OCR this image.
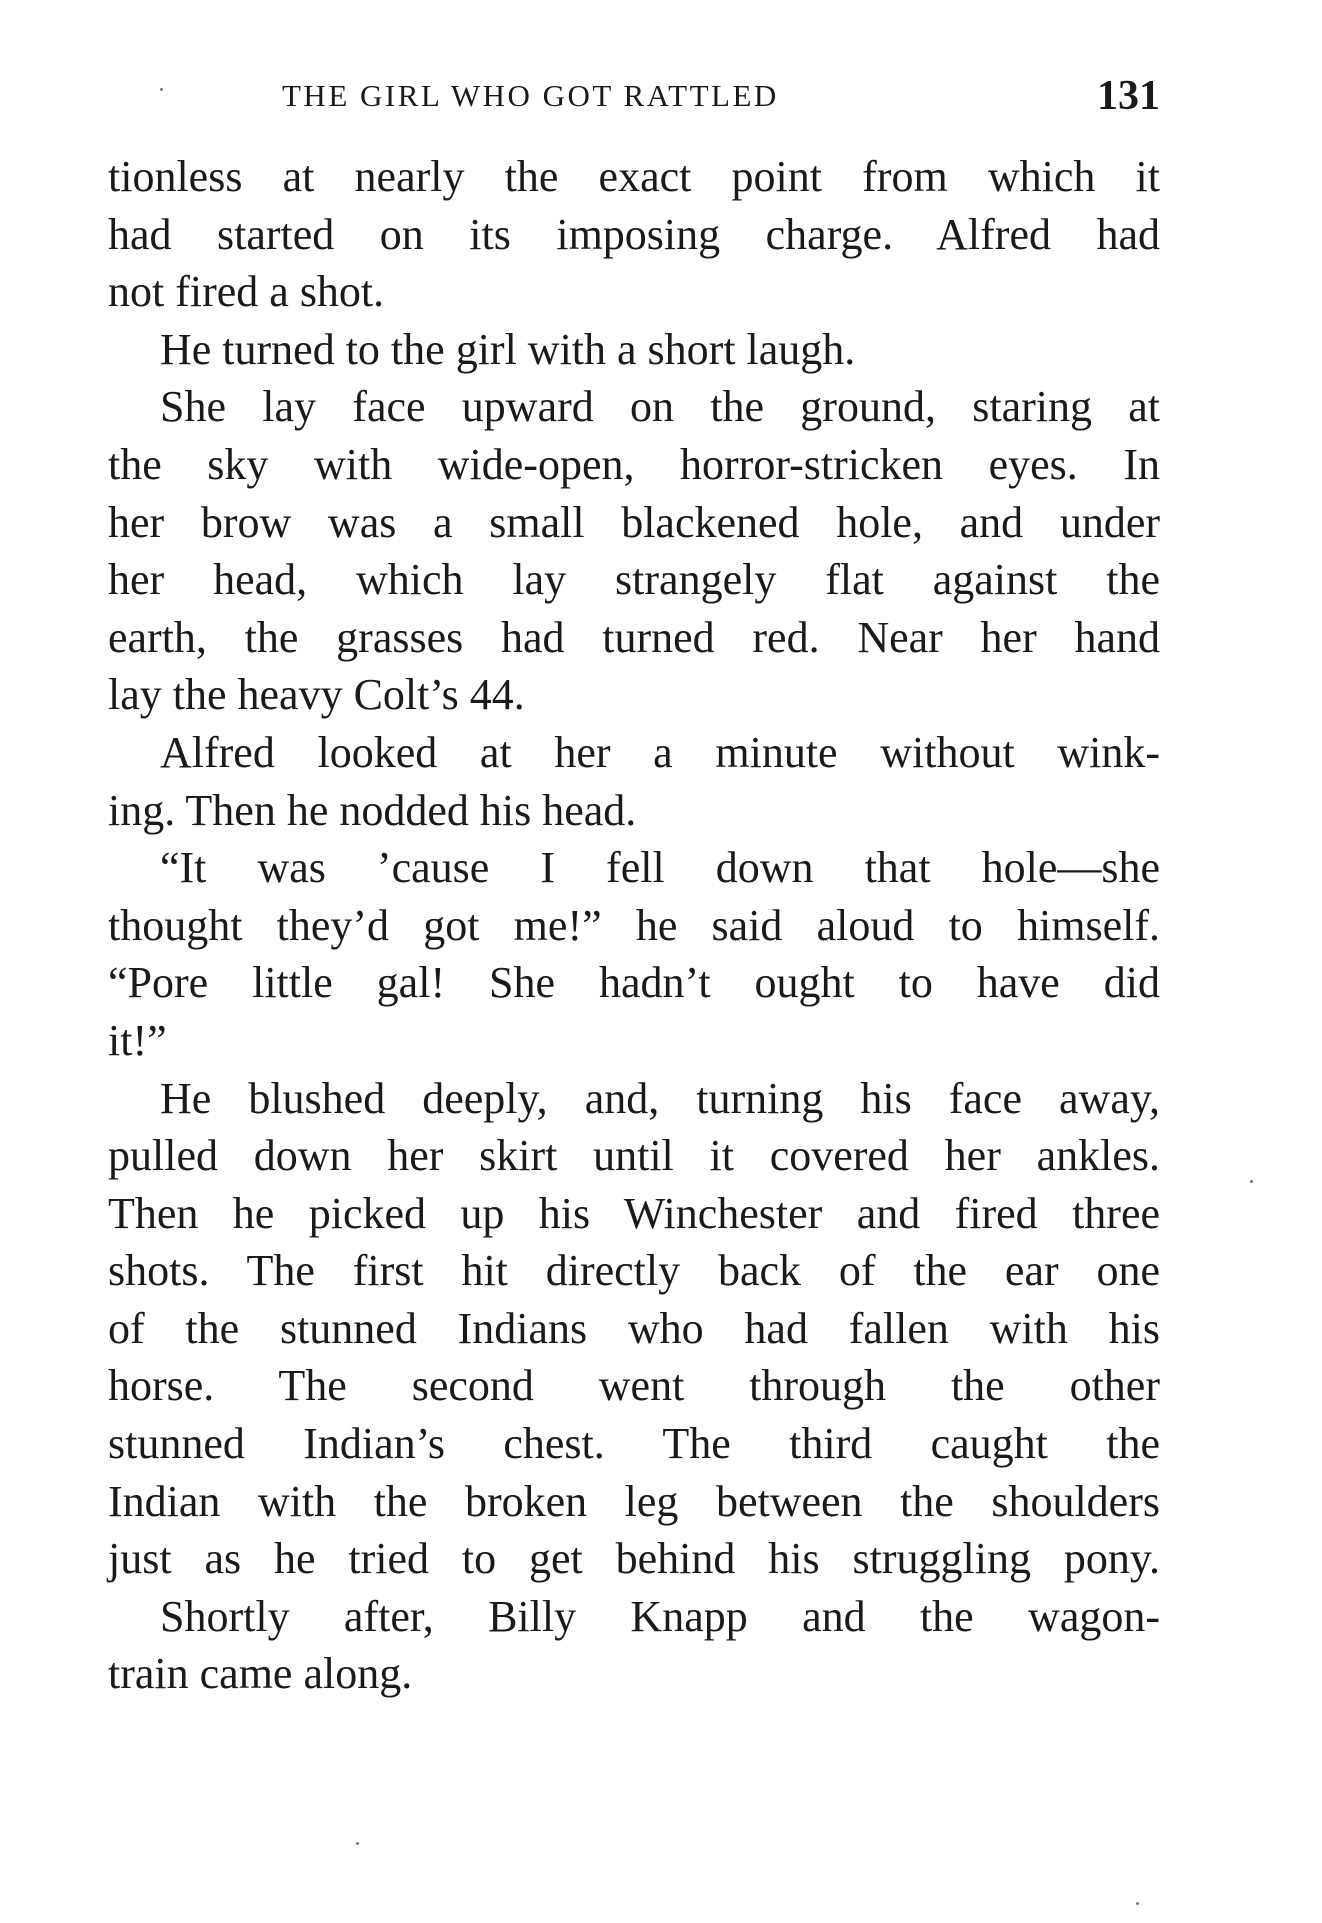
THE GIRL WHO GOT RATTLED	131
tionless at nearly the exact point from which it
had started on its imposing charge. Alfred had
not fired a shot.
He turned to the girl with a short laugh.
She lay face upward on the ground, staring at
the sky with wide-open, horror-stricken eyes. In
her brow was a small blackened hole, and under
her head, which lay strangely flat against the
earth, the grasses had turned red. Near her hand
lay the heavy Colt’s 44.
Alfred looked at her a minute without wink-
ing. Then he nodded his head.
“It was ’cause I fell down that hole—she
thought they’d got me!” he said aloud to himself.
“Pore little gal! She hadn’t ought to have did
it!”
He blushed deeply, and, turning his face away,
pulled down her skirt until it covered her ankles.
Then he picked up his Winchester and fired three
shots. The first hit directly back of the ear one
of the stunned Indians who had fallen with his
horse. The second went through the other
stunned Indian’s chest. The third caught the
Indian with the broken leg between the shoulders
just as he tried to get behind his struggling pony.
Shortly after, Billy Knapp and the wagon-
train came along.
